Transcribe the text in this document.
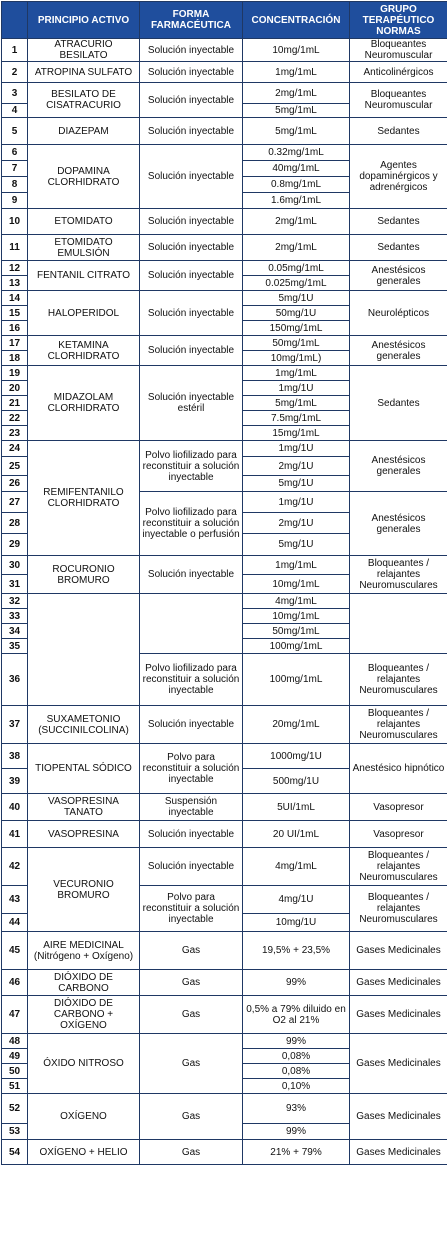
	PRINCIPIO ACTIVO	FORMA FARMACÉUTICA	CONCENTRACIÓN	GRUPO TERAPÉUTICO NORMAS
1	ATRACURIO BESILATO	Solución inyectable	10mg/1mL	Bloqueantes Neuromuscular
2	ATROPINA SULFATO	Solución inyectable	1mg/1mL	Anticolinérgicos
3	BESILATO DE CISATRACURIO	Solución inyectable	2mg/1mL	Bloqueantes Neuromuscular
4			5mg/1mL	
5	DIAZEPAM	Solución inyectable	5mg/1mL	Sedantes
6	DOPAMINA CLORHIDRATO	Solución inyectable	0.32mg/1mL	Agentes dopaminérgicos y adrenérgicos
7			40mg/1mL	
8			0.8mg/1mL	
9			1.6mg/1mL	
10	ETOMIDATO	Solución inyectable	2mg/1mL	Sedantes
11	ETOMIDATO EMULSIÓN	Solución inyectable	2mg/1mL	Sedantes
12	FENTANIL CITRATO	Solución inyectable	0.05mg/1mL	Anestésicos generales
13			0.025mg/1mL	
14	HALOPERIDOL	Solución inyectable	5mg/1U	Neurolépticos
15			50mg/1U	
16			150mg/1mL	
17	KETAMINA CLORHIDRATO	Solución inyectable	50mg/1mL	Anestésicos generales
18			10mg/1mL)	
19	MIDAZOLAM CLORHIDRATO	Solución inyectable estéril	1mg/1mL	Sedantes
20			1mg/1U	
21			5mg/1mL	
22			7.5mg/1mL	
23			15mg/1mL	
24	REMIFENTANILO CLORHIDRATO	Polvo liofilizado para reconstituir a solución inyectable	1mg/1U	Anestésicos generales
25			2mg/1U	
26			5mg/1U	
27		Polvo liofilizado para reconstituir a solución inyectable o perfusión	1mg/1U	Anestésicos generales
28			2mg/1U	
29			5mg/1U	
30	ROCURONIO BROMURO	Solución inyectable	1mg/1mL	Bloqueantes / relajantes Neuromusculares
31			10mg/1mL	
32			4mg/1mL	
33			10mg/1mL	
34			50mg/1mL	
35			100mg/1mL	
36		Polvo liofilizado para reconstituir a solución inyectable	100mg/1mL	Bloqueantes / relajantes Neuromusculares
37	SUXAMETONIO (SUCCINILCOLINA)	Solución inyectable	20mg/1mL	Bloqueantes / relajantes Neuromusculares
38	TIOPENTAL SÓDICO	Polvo para reconstituir a solución inyectable	1000mg/1U	Anestésico hipnótico
39			500mg/1U	
40	VASOPRESINA TANATO	Suspensión inyectable	5UI/1mL	Vasopresor
41	VASOPRESINA	Solución inyectable	20 UI/1mL	Vasopresor
42	VECURONIO BROMURO	Solución inyectable	4mg/1mL	Bloqueantes / relajantes Neuromusculares
43		Polvo para reconstituir a solución inyectable	4mg/1U	Bloqueantes / relajantes Neuromusculares
44			10mg/1U	
45	AIRE MEDICINAL (Nitrógeno + Oxígeno)	Gas	19,5% + 23,5%	Gases Medicinales
46	DIÓXIDO DE CARBONO	Gas	99%	Gases Medicinales
47	DIÓXIDO DE CARBONO + OXÍGENO	Gas	0,5% a 79% diluido en O2 al 21%	Gases Medicinales
48	ÓXIDO NITROSO	Gas	99%	Gases Medicinales
49			0,08%	
50			0,08%	
51			0,10%	
52	OXÍGENO	Gas	93%	Gases Medicinales
53			99%	
54	OXÍGENO + HELIO	Gas	21% + 79%	Gases Medicinales
